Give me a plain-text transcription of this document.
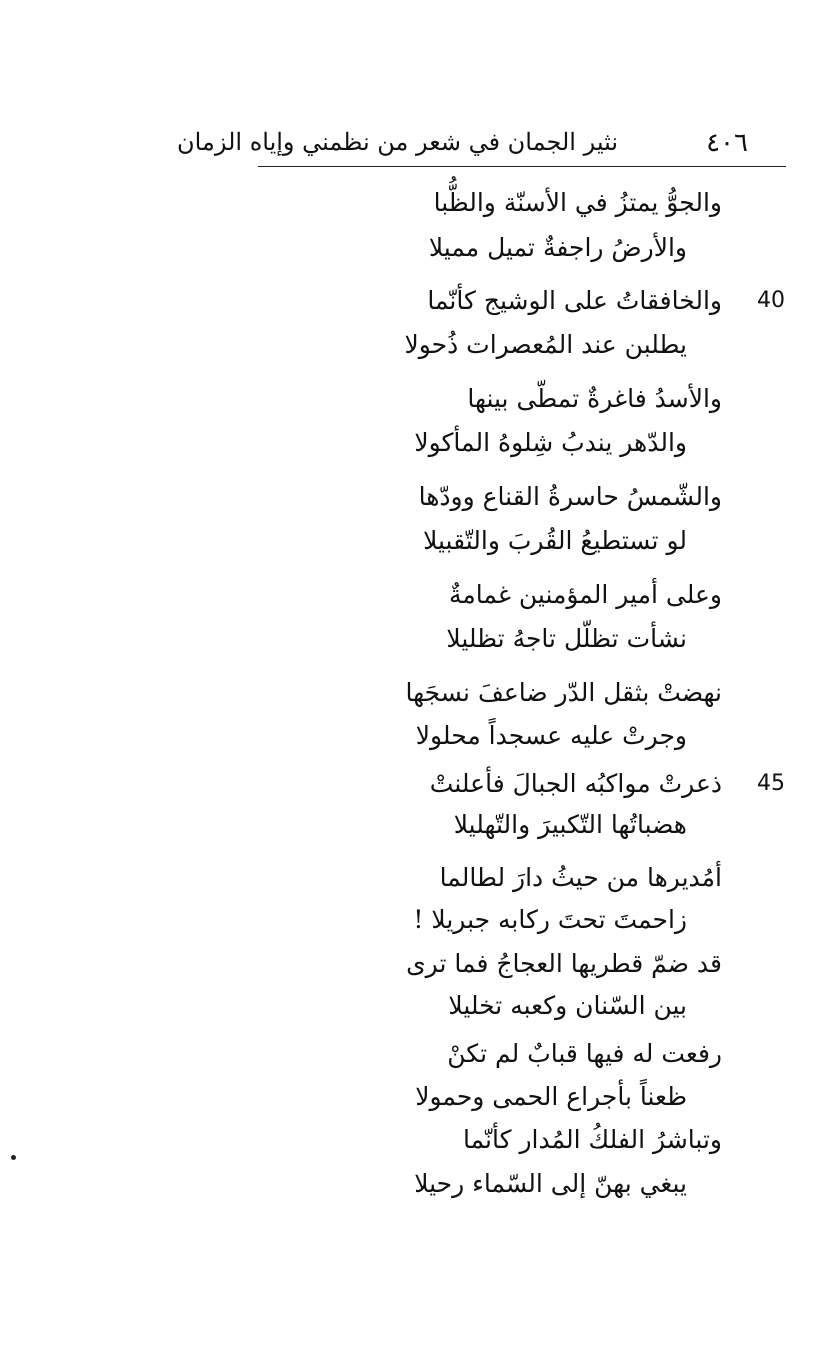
٤٠٦
نثير الجمان في شعر من نظمني وإياه الزمان
والجوُّ يمتزُ في الأسنّة والظُّبا
والأرضُ راجفةٌ تميل مميلا
40
والخافقاتُ على الوشيج كأنّما
يطلبن عند المُعصرات ذُحولا
والأسدُ فاغرةٌ تمطّى بينها
والدّهر يندبُ شِلوهُ المأكولا
والشّمسُ حاسرةُ القناع وودّها
لو تستطيعُ القُربَ والتّقبيلا
وعلى أمير المؤمنين غمامةٌ
نشأت تظلّل تاجهُ تظليلا
نهضتْ بثقل الدّر ضاعفَ نسجَها
وجرتْ عليه عسجداً محلولا
45
ذعرتْ مواكبُه الجبالَ فأعلنتْ
هضباتُها التّكبيرَ والتّهليلا
أمُديرها من حيثُ دارَ لطالما
زاحمتَ تحتَ ركابه جبريلا !
قد ضمّ قطريها العجاجُ فما ترى
بين السّنان وكعبه تخليلا
رفعت له فيها قبابٌ لم تكنْ
ظعناً بأجراع الحمى وحمولا
وتباشرُ الفلكُ المُدار كأنّما
يبغي بهنّ إلى السّماء رحيلا
